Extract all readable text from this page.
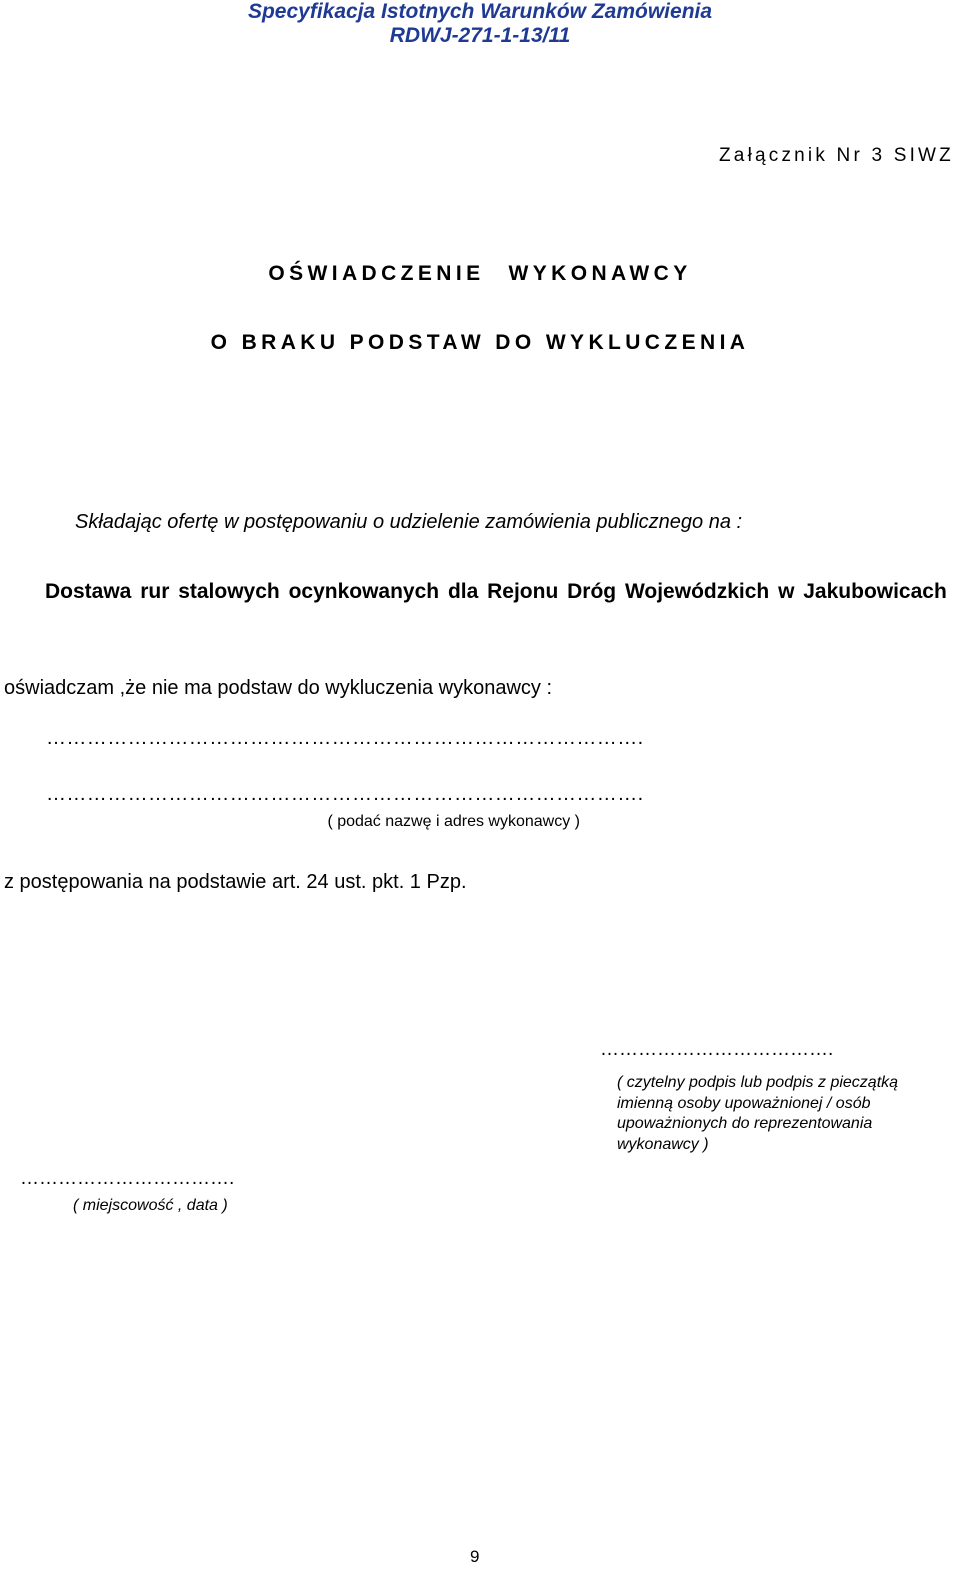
Specyfikacja Istotnych Warunków Zamówienia
RDWJ-271-1-13/11
Załącznik Nr 3 SIWZ
OŚWIADCZENIE WYKONAWCY
O BRAKU PODSTAW DO WYKLUCZENIA
Składając ofertę w postępowaniu o udzielenie zamówienia publicznego na :
Dostawa rur stalowych ocynkowanych dla Rejonu Dróg Wojewódzkich w Jakubowicach
oświadczam ,że nie ma podstaw do wykluczenia wykonawcy :
…………………………………………………………………………….
…………………………………………………………………………….
( podać nazwę i adres wykonawcy )
z postępowania na podstawie art. 24 ust. pkt. 1 Pzp.
……………………………….
( czytelny podpis lub podpis z pieczątką imienną osoby upoważnionej / osób upoważnionych do reprezentowania wykonawcy )
…………………………….
( miejscowość , data )
9
